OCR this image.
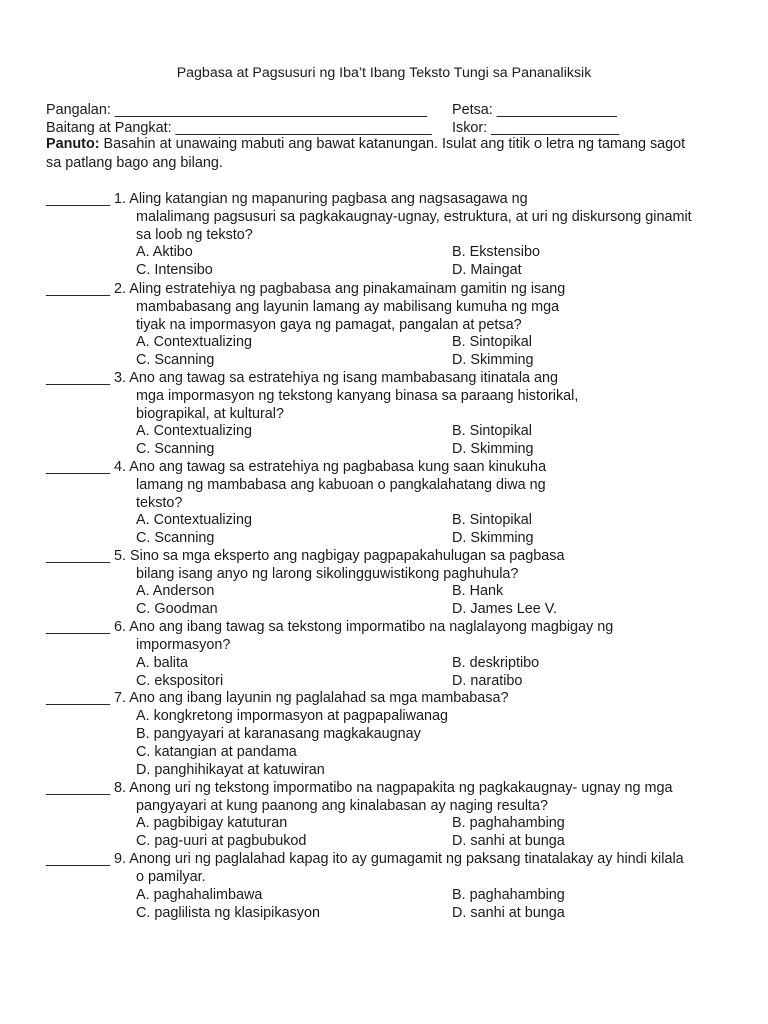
Pagbasa at Pagsusuri ng Iba’t Ibang Teksto Tungi sa Pananaliksik
Pangalan: _______________________________________ Petsa: _______________
Baitang at Pangkat: ________________________________ Iskor: ________________
Panuto: Basahin at unawaing mabuti ang bawat katanungan. Isulat ang titik o letra ng tamang sagot
sa patlang bago ang bilang.
________ 1. Aling katangian ng mapanuring pagbasa ang nagsasagawa ng
malalimang pagsusuri sa pagkakaugnay-ugnay, estruktura, at uri ng diskursong ginamit
sa loob ng teksto?
A. Aktibo	B. Ekstensibo
C. Intensibo	D. Maingat
________ 2. Aling estratehiya ng pagbabasa ang pinakamainam gamitin ng isang
mambabasang ang layunin lamang ay mabilisang kumuha ng mga
tiyak na impormasyon gaya ng pamagat, pangalan at petsa?
A. Contextualizing	B. Sintopikal
C. Scanning	D. Skimming
________ 3. Ano ang tawag sa estratehiya ng isang mambabasang itinatala ang
mga impormasyon ng tekstong kanyang binasa sa paraang historikal,
biograpikal, at kultural?
A. Contextualizing	B. Sintopikal
C. Scanning	D. Skimming
________ 4. Ano ang tawag sa estratehiya ng pagbabasa kung saan kinukuha
lamang ng mambabasa ang kabuoan o pangkalahatang diwa ng
teksto?
A. Contextualizing	B. Sintopikal
C. Scanning	D. Skimming
________ 5. Sino sa mga eksperto ang nagbigay pagpapakahulugan sa pagbasa
bilang isang anyo ng larong sikolingguwistikong paghuhula?
A. Anderson	B. Hank
C. Goodman	D. James Lee V.
________ 6. Ano ang ibang tawag sa tekstong impormatibo na naglalayong magbigay ng
impormasyon?
A. balita	B. deskriptibo
C. ekspositori	D. naratibo
________ 7. Ano ang ibang layunin ng paglalahad sa mga mambabasa?
A. kongkretong impormasyon at pagpapaliwanag
B. pangyayari at karanasang magkakaugnay
C. katangian at pandama
D. panghihikayat at katuwiran
________ 8. Anong uri ng tekstong impormatibo na nagpapakita ng pagkakaugnay- ugnay ng mga
pangyayari at kung paanong ang kinalabasan ay naging resulta?
A. pagbibigay katuturan	B. paghahambing
C. pag-uuri at pagbubukod	D. sanhi at bunga
________ 9. Anong uri ng paglalahad kapag ito ay gumagamit ng paksang tinatalakay ay hindi kilala
o pamilyar.
A. paghahalimbawa	B. paghahambing
C. paglilista ng klasipikasyon	D. sanhi at bunga
